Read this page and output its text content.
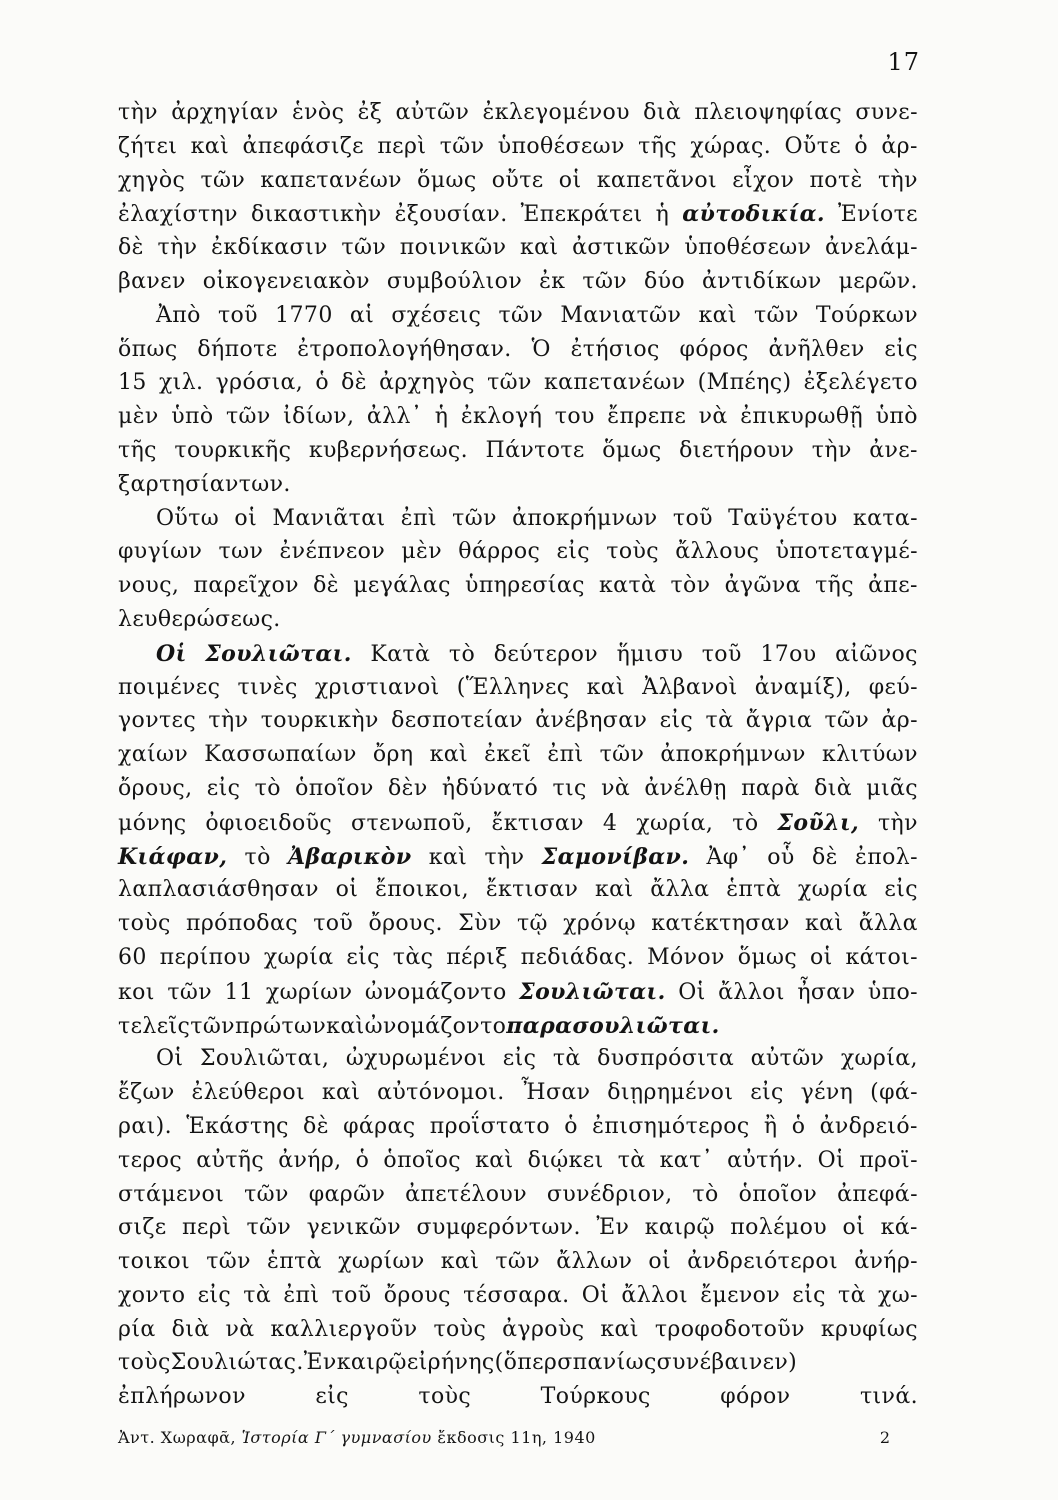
17
τὴν ἀρχηγίαν ἑνὸς ἐξ αὐτῶν ἐκλεγομένου διὰ πλειοψηφίας συνε-
ζήτει καὶ ἀπεφάσιζε περὶ τῶν ὑποθέσεων τῆς χώρας. Οὔτε ὁ ἀρ-
χηγὸς τῶν καπετανέων ὅμως οὔτε οἱ καπετᾶνοι εἶχον ποτὲ τὴν
ἐλαχίστην δικαστικὴν ἐξουσίαν. Ἐπεκράτει ἡ αὐτοδικία. Ἐνίοτε
δὲ τὴν ἐκδίκασιν τῶν ποινικῶν καὶ ἀστικῶν ὑποθέσεων ἀνελάμ-
βανεν οἰκογενειακὸν συμβούλιον ἐκ τῶν δύο ἀντιδίκων μερῶν.
Ἀπὸ τοῦ 1770 αἱ σχέσεις τῶν Μανιατῶν καὶ τῶν Τούρκων
ὅπως δήποτε ἐτροπολογήθησαν. Ὁ ἐτήσιος φόρος ἀνῆλθεν εἰς
15 χιλ. γρόσια, ὁ δὲ ἀρχηγὸς τῶν καπετανέων (Μπέης) ἐξελέγετο
μὲν ὑπὸ τῶν ἰδίων, ἀλλ᾽ ἡ ἐκλογή του ἔπρεπε νὰ ἐπικυρωθῇ ὑπὸ
τῆς τουρκικῆς κυβερνήσεως. Πάντοτε ὅμως διετήρουν τὴν ἀνε-
ξαρτησίαν των.
Οὕτω οἱ Μανιᾶται ἐπὶ τῶν ἀποκρήμνων τοῦ Ταϋγέτου κατα-
φυγίων των ἐνέπνεον μὲν θάρρος εἰς τοὺς ἄλλους ὑποτεταγμέ-
νους, παρεῖχον δὲ μεγάλας ὑπηρεσίας κατὰ τὸν ἀγῶνα τῆς ἀπε-
λευθερώσεως.
Οἱ Σουλιῶται. Κατὰ τὸ δεύτερον ἥμισυ τοῦ 17ου αἰῶνος
ποιμένες τινὲς χριστιανοὶ (Ἕλληνες καὶ Ἀλβανοὶ ἀναμίξ), φεύ-
γοντες τὴν τουρκικὴν δεσποτείαν ἀνέβησαν εἰς τὰ ἄγρια τῶν ἀρ-
χαίων Κασσωπαίων ὄρη καὶ ἐκεῖ ἐπὶ τῶν ἀποκρήμνων κλιτύων
ὄρους, εἰς τὸ ὁποῖον δὲν ἠδύνατό τις νὰ ἀνέλθῃ παρὰ διὰ μιᾶς
μόνης ὀφιοειδοῦς στενωποῦ, ἔκτισαν 4 χωρία, τὸ Σοῦλι, τὴν
Κιάφαν, τὸ Ἀβαρικὸν καὶ τὴν Σαμονίβαν. Ἀφ᾽ οὗ δὲ ἐπολ-
λαπλασιάσθησαν οἱ ἔποικοι, ἔκτισαν καὶ ἄλλα ἑπτὰ χωρία εἰς
τοὺς πρόποδας τοῦ ὄρους. Σὺν τῷ χρόνῳ κατέκτησαν καὶ ἄλλα
60 περίπου χωρία εἰς τὰς πέριξ πεδιάδας. Μόνον ὅμως οἱ κάτοι-
κοι τῶν 11 χωρίων ὠνομάζοντο Σουλιῶται. Οἱ ἄλλοι ἦσαν ὑπο-
τελεῖς τῶν πρώτων καὶ ὠνομάζοντο παρασουλιῶται.
Οἱ Σουλιῶται, ὠχυρωμένοι εἰς τὰ δυσπρόσιτα αὐτῶν χωρία,
ἔζων ἐλεύθεροι καὶ αὐτόνομοι. Ἦσαν διῃρημένοι εἰς γένη (φά-
ραι). Ἑκάστης δὲ φάρας προΐστατο ὁ ἐπισημότερος ἢ ὁ ἀνδρειό-
τερος αὐτῆς ἀνήρ, ὁ ὁποῖος καὶ διῴκει τὰ κατ᾽ αὐτήν. Οἱ προϊ-
στάμενοι τῶν φαρῶν ἀπετέλουν συνέδριον, τὸ ὁποῖον ἀπεφά-
σιζε περὶ τῶν γενικῶν συμφερόντων. Ἐν καιρῷ πολέμου οἱ κά-
τοικοι τῶν ἑπτὰ χωρίων καὶ τῶν ἄλλων οἱ ἀνδρειότεροι ἀνήρ-
χοντο εἰς τὰ ἐπὶ τοῦ ὄρους τέσσαρα. Οἱ ἄλλοι ἔμενον εἰς τὰ χω-
ρία διὰ νὰ καλλιεργοῦν τοὺς ἀγροὺς καὶ τροφοδοτοῦν κρυφίως
τοὺς Σουλιώτας. Ἐν καιρῷ εἰρήνης (ὅπερ σπανίως συνέβαινεν)
ἐπλήρωνον	εἰς	τοὺς	Τούρκους	φόρον	τινά.
Ἀντ. Χωραφᾶ, Ἱστορία Γ΄ γυμνασίου ἔκδοσις 11η, 1940	2
